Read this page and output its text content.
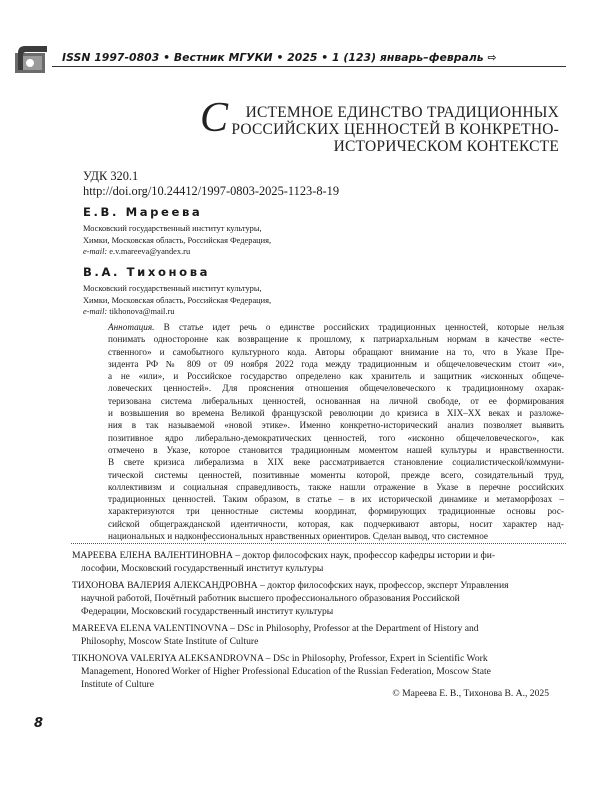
ISSN 1997-0803 • Вестник МГУКИ • 2025 • 1 (123) январь–февраль ⇨
С	ИСТЕМНОЕ ЕДИНСТВО ТРАДИЦИОННЫХ
РОССИЙСКИХ ЦЕННОСТЕЙ В КОНКРЕТНО-
ИСТОРИЧЕСКОМ КОНТЕКСТЕ
УДК 320.1
http://doi.org/10.24412/1997-0803-2025-1123-8-19
Е.В. Мареева
Московский государственный институт культуры,
Химки, Московская область, Российская Федерация,
e-mail: e.v.mareeva@yandex.ru
В.А. Тихонова
Московский государственный институт культуры,
Химки, Московская область, Российская Федерация,
e-mail: tikhonova@mail.ru

Аннотация. В статье идет речь о единстве российских традиционных ценностей, которые нельзя

понимать односторонне как возвращение к прошлому, к патриархальным нормам в качестве «есте-

ственного» и самобытного культурного кода. Авторы обращают внимание на то, что в Указе Пре-

зидента РФ № 809 от 09 ноября 2022 года между традиционным и общечеловеческим стоит «и»,

а не «или», и Российское государство определено как хранитель и защитник «исконных общече-

ловеческих ценностей». Для прояснения отношения общечеловеческого к традиционному охарак-

теризована система либеральных ценностей, основанная на личной свободе, от ее формирования

и возвышения во времена Великой французской революции до кризиса в XIX–XX веках и разложе-

ния в так называемой «новой этике». Именно конкретно-исторический анализ позволяет выявить

позитивное ядро либерально-демократических ценностей, того «исконно общечеловеческого», как

отмечено в Указе, которое становится традиционным моментом нашей культуры и нравственности.

В свете кризиса либерализма в XIX веке рассматривается становление социалистической/коммуни-

тической системы ценностей, позитивные моменты которой, прежде всего, созидательный труд,

коллективизм и социальная справедливость, также нашли отражение в Указе в перечне российских

традиционных ценностей. Таким образом, в статье – в их исторической динамике и метаморфозах –

характеризуются три ценностные системы координат, формирующих традиционные основы рос-

сийской общегражданской идентичности, которая, как подчеркивают авторы, носит характер над-

национальных и надконфессиональных нравственных ориентиров. Сделан вывод, что системное

МАРЕЕВА ЕЛЕНА ВАЛЕНТИНОВНА – доктор философских наук, профессор кафедры истории и фи-
лософии, Московский государственный институт культуры
ТИХОНОВА ВАЛЕРИЯ АЛЕКСАНДРОВНА – доктор философских наук, профессор, эксперт Управления
научной работой, Почётный работник высшего профессионального образования Российской
Федерации, Московский государственный институт культуры
MAREEVA ELENA VALENTINOVNA – DSc in Philosophy, Professor at the Department of History and
Philosophy, Moscow State Institute of Culture
TIKHONOVA VALERIYA ALEKSANDROVNA – DSc in Philosophy, Professor, Expert in Scientific Work
Management, Honored Worker of Higher Professional Education of the Russian Federation, Moscow State
Institute of Culture
© Мареева Е. В., Тихонова В. А., 2025
8
